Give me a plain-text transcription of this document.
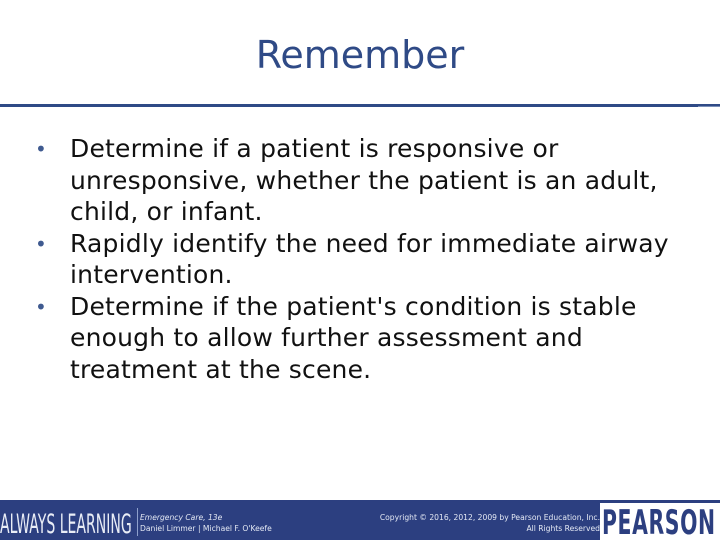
Remember
• Determine if a patient is responsive or unresponsive, whether the patient is an adult, child, or infant.
• Rapidly identify the need for immediate airway intervention.
• Determine if the patient's condition is stable enough to allow further assessment and treatment at the scene.
ALWAYS LEARNING	Emergency Care, 13e
Daniel Limmer | Michael F. O'Keefe
Copyright © 2016, 2012, 2009 by Pearson Education, Inc.
All Rights Reserved PEARSON
